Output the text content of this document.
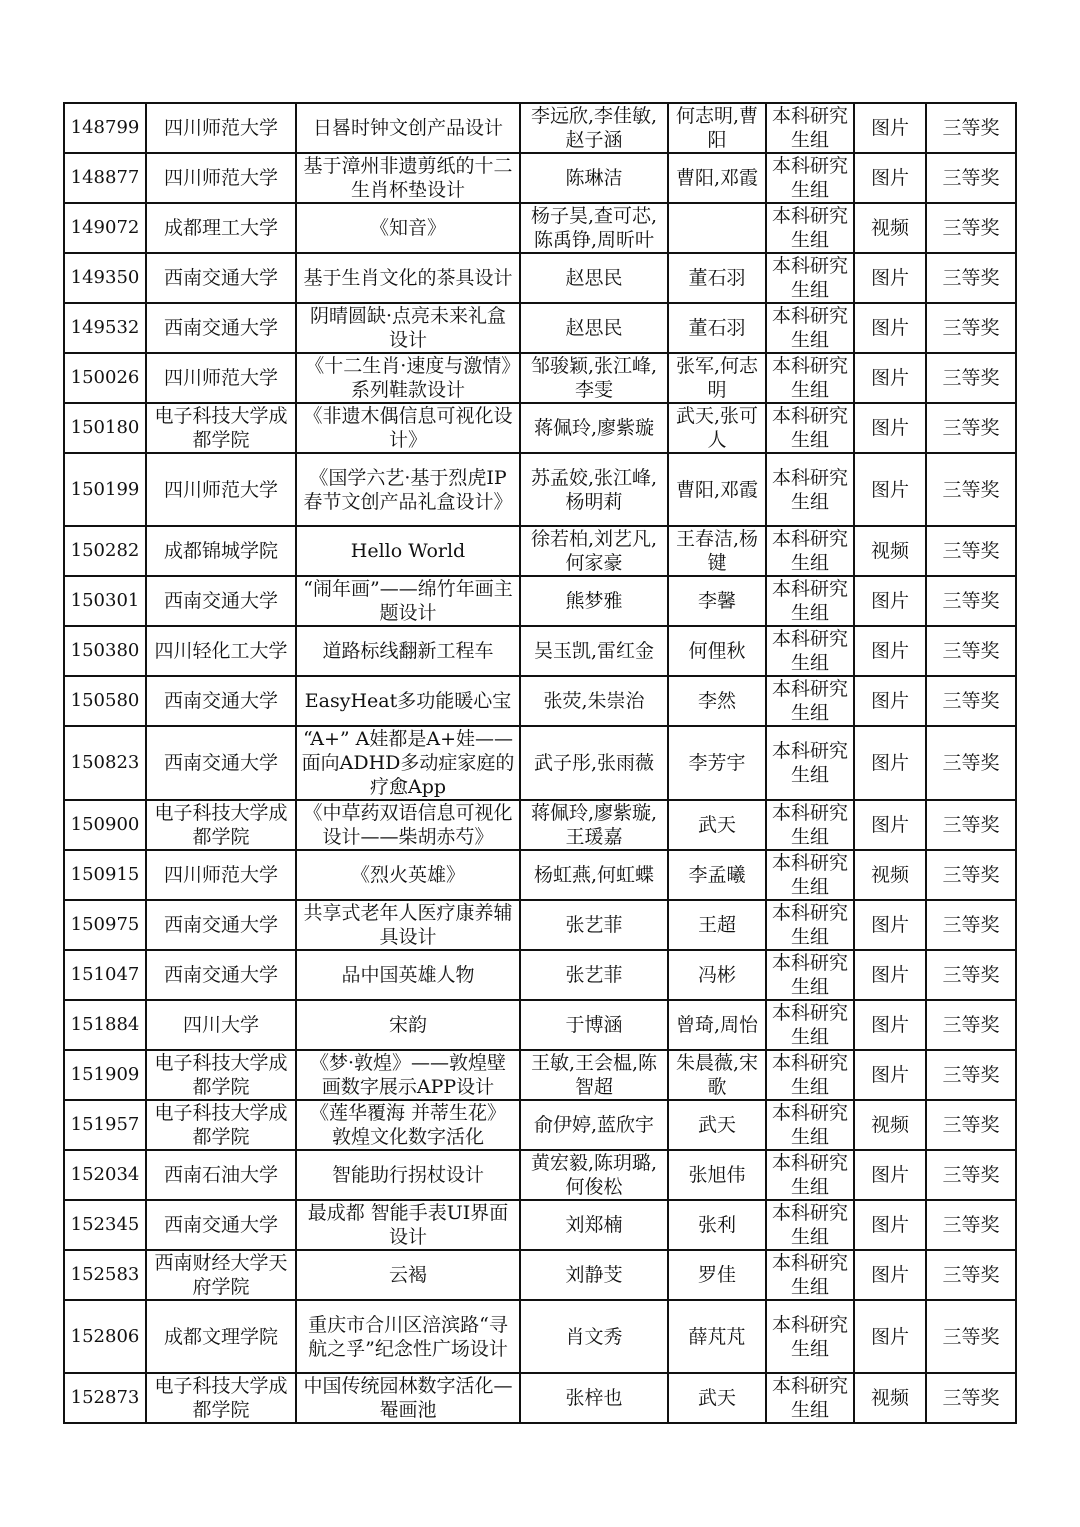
148799	四川师范大学	日晷时钟文创产品设计	李远欣,李佳敏,赵子涵	何志明,曹阳	本科研究生组	图片	三等奖
148877	四川师范大学	基于漳州非遗剪纸的十二生肖杯垫设计	陈琳洁	曹阳,邓霞	本科研究生组	图片	三等奖
149072	成都理工大学	《知音》	杨子昊,查可芯,陈禹铮,周昕叶		本科研究生组	视频	三等奖
149350	西南交通大学	基于生肖文化的茶具设计	赵思民	董石羽	本科研究生组	图片	三等奖
149532	西南交通大学	阴晴圆缺·点亮未来礼盒设计	赵思民	董石羽	本科研究生组	图片	三等奖
150026	四川师范大学	《十二生肖·速度与激情》系列鞋款设计	邹骏颖,张江峰,李雯	张军,何志明	本科研究生组	图片	三等奖
150180	电子科技大学成都学院	《非遗木偶信息可视化设计》	蒋佩玲,廖紫璇	武天,张可人	本科研究生组	图片	三等奖
150199	四川师范大学	《国学六艺·基于烈虎IP春节文创产品礼盒设计》	苏孟姣,张江峰,杨明莉	曹阳,邓霞	本科研究生组	图片	三等奖
150282	成都锦城学院	Hello World	徐若柏,刘艺凡,何家豪	王春洁,杨键	本科研究生组	视频	三等奖
150301	西南交通大学	“闹年画”——绵竹年画主题设计	熊梦雅	李馨	本科研究生组	图片	三等奖
150380	四川轻化工大学	道路标线翻新工程车	吴玉凯,雷红金	何俚秋	本科研究生组	图片	三等奖
150580	西南交通大学	EasyHeat多功能暖心宝	张荧,朱崇治	李然	本科研究生组	图片	三等奖
150823	西南交通大学	“A+” A娃都是A+娃——面向ADHD多动症家庭的疗愈App	武子彤,张雨薇	李芳宇	本科研究生组	图片	三等奖
150900	电子科技大学成都学院	《中草药双语信息可视化设计——柴胡赤芍》	蒋佩玲,廖紫璇,王瑗嘉	武天	本科研究生组	图片	三等奖
150915	四川师范大学	《烈火英雄》	杨虹燕,何虹蝶	李孟曦	本科研究生组	视频	三等奖
150975	西南交通大学	共享式老年人医疗康养辅具设计	张艺菲	王超	本科研究生组	图片	三等奖
151047	西南交通大学	品中国英雄人物	张艺菲	冯彬	本科研究生组	图片	三等奖
151884	四川大学	宋韵	于博涵	曾琦,周怡	本科研究生组	图片	三等奖
151909	电子科技大学成都学院	《梦·敦煌》——敦煌壁画数字展示APP设计	王敏,王会榅,陈智超	朱晨薇,宋歌	本科研究生组	图片	三等奖
151957	电子科技大学成都学院	《莲华覆海 并蒂生花》敦煌文化数字活化	俞伊婷,蓝欣宇	武天	本科研究生组	视频	三等奖
152034	西南石油大学	智能助行拐杖设计	黄宏毅,陈玥璐,何俊松	张旭伟	本科研究生组	图片	三等奖
152345	西南交通大学	最成都 智能手表UI界面设计	刘郑楠	张利	本科研究生组	图片	三等奖
152583	西南财经大学天府学院	云褐	刘静芠	罗佳	本科研究生组	图片	三等奖
152806	成都文理学院	重庆市合川区涪滨路“寻航之孚”纪念性广场设计	肖文秀	薛芃芃	本科研究生组	图片	三等奖
152873	电子科技大学成都学院	中国传统园林数字活化—罨画池	张梓也	武天	本科研究生组	视频	三等奖
